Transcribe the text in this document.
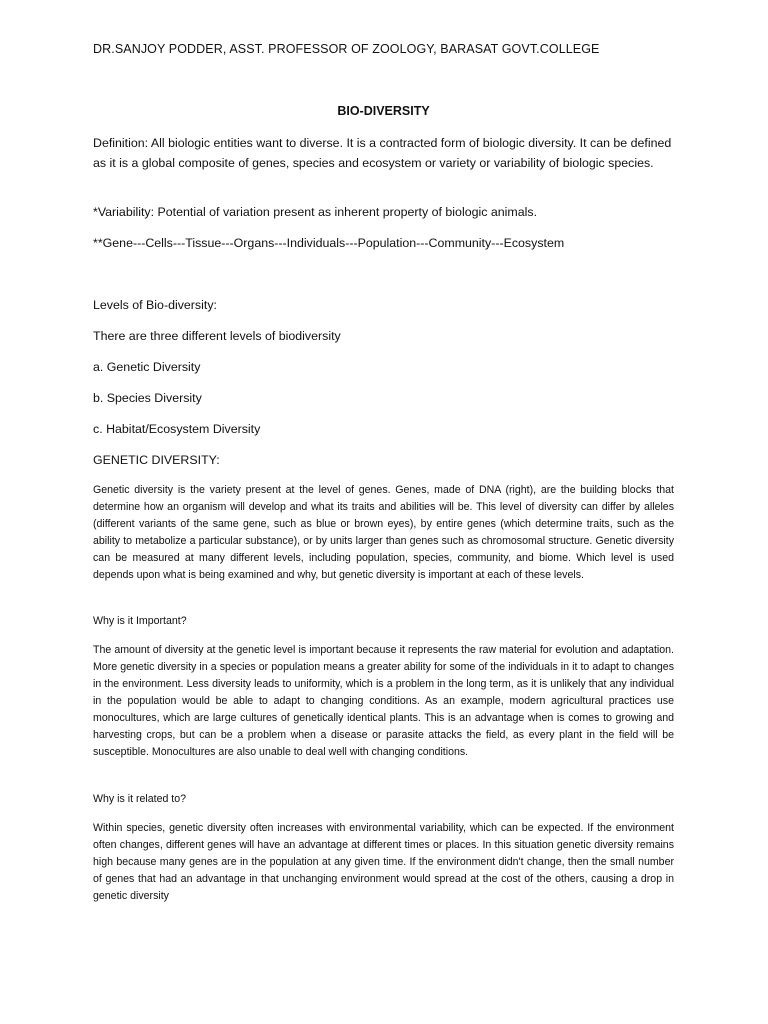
DR.SANJOY PODDER, ASST. PROFESSOR OF ZOOLOGY, BARASAT GOVT.COLLEGE
BIO-DIVERSITY

Definition: All biologic entities want to diverse. It is a contracted form of biologic diversity. It can be defined as it is a global composite of genes, species and ecosystem or variety or variability of biologic species.

*Variability: Potential of variation present as inherent property of biologic animals.

**Gene---Cells---Tissue---Organs---Individuals---Population---Community---Ecosystem

Levels of Bio-diversity:

There are three different levels of biodiversity

a. Genetic Diversity

b. Species Diversity

c. Habitat/Ecosystem Diversity

GENETIC DIVERSITY:

Genetic diversity is the variety present at the level of genes. Genes, made of DNA (right), are the building blocks that determine how an organism will develop and what its traits and abilities will be. This level of diversity can differ by alleles (different variants of the same gene, such as blue or brown eyes), by entire genes (which determine traits, such as the ability to metabolize a particular substance), or by units larger than genes such as chromosomal structure. Genetic diversity can be measured at many different levels, including population, species, community, and biome. Which level is used depends upon what is being examined and why, but genetic diversity is important at each of these levels.

Why is it Important?

The amount of diversity at the genetic level is important because it represents the raw material for evolution and adaptation. More genetic diversity in a species or population means a greater ability for some of the individuals in it to adapt to changes in the environment. Less diversity leads to uniformity, which is a problem in the long term, as it is unlikely that any individual in the population would be able to adapt to changing conditions. As an example, modern agricultural practices use monocultures, which are large cultures of genetically identical plants. This is an advantage when is comes to growing and harvesting crops, but can be a problem when a disease or parasite attacks the field, as every plant in the field will be susceptible. Monocultures are also unable to deal well with changing conditions.

Why is it related to?

Within species, genetic diversity often increases with environmental variability, which can be expected. If the environment often changes, different genes will have an advantage at different times or places. In this situation genetic diversity remains high because many genes are in the population at any given time. If the environment didn't change, then the small number of genes that had an advantage in that unchanging environment would spread at the cost of the others, causing a drop in genetic diversity
